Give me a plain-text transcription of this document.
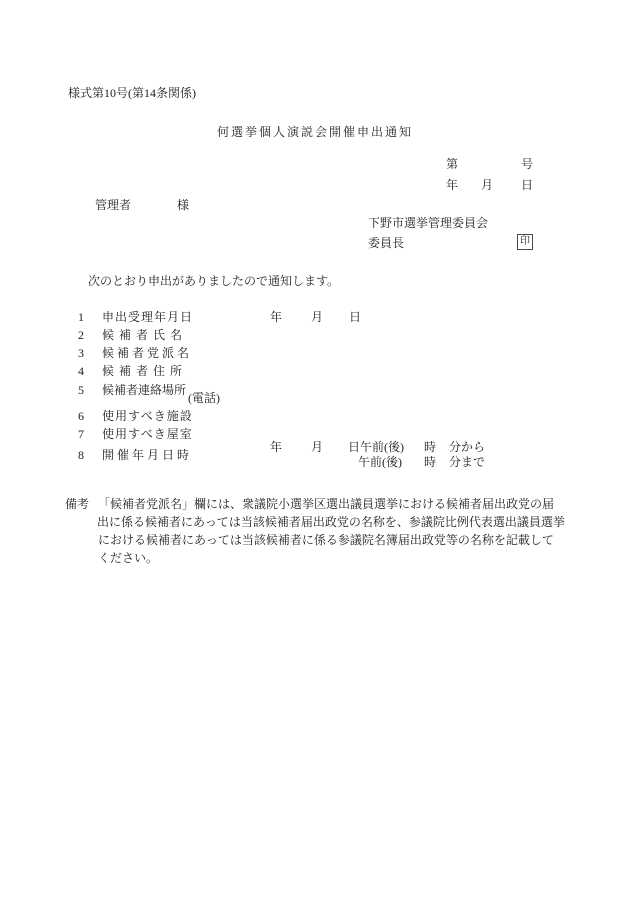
様式第10号(第14条関係)
何選挙個人演説会開催申出通知
第	号
年 月 日
管理者	様
下野市選挙管理委員会
委員長	印
次のとおり申出がありましたので通知します。
1 申出受理年月日	年 月 日
2 候 補 者 氏 名
3 候 補 者 党 派 名
4 候 補 者 住 所
5 候補者連絡場所
(電話)
6 使用すべき施設
7 使用すべき屋室
8 開 催 年 月 日 時
年 月 日午前(後) 時 分から
午前(後) 時 分まで
備考 「候補者党派名」欄には、衆議院小選挙区選出議員選挙における候補者届出政党の届
出に係る候補者にあっては当該候補者届出政党の名称を、参議院比例代表選出議員選挙
における候補者にあっては当該候補者に係る参議院名簿届出政党等の名称を記載して
ください。
